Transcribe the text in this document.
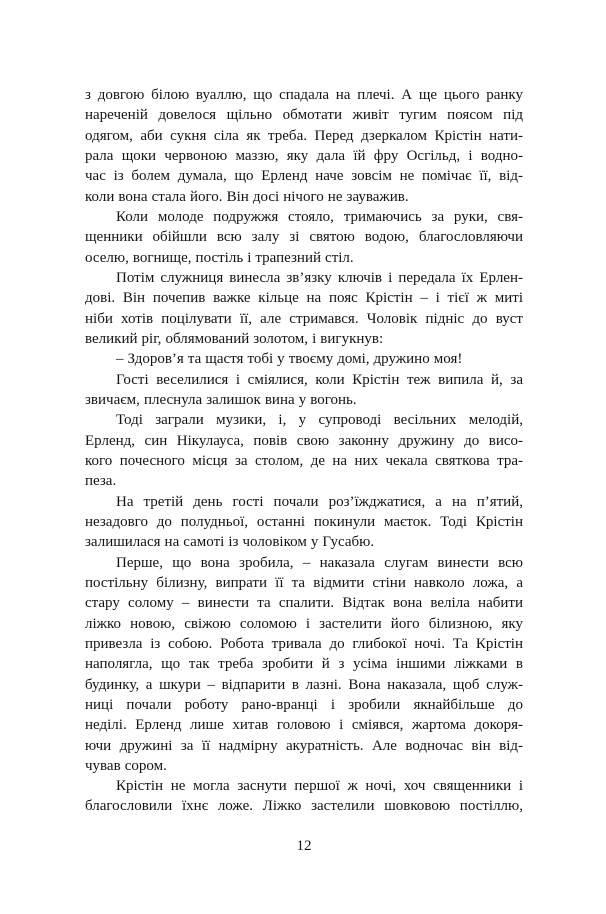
з довгою білою вуаллю, що спадала на плечі. А ще цього ранку
нареченій довелося щільно обмотати живіт тугим поясом під
одягом, аби сукня сіла як треба. Перед дзеркалом Крістін нати-
рала щоки червоною маззю, яку дала їй фру Осгільд, і водно-
час із болем думала, що Ерленд наче зовсім не помічає її, від-
коли вона стала його. Він досі нічого не зауважив.
Коли молоде подружжя стояло, тримаючись за руки, свя-
щенники обійшли всю залу зі святою водою, благословляючи
оселю, вогнище, постіль і трапезний стіл.
Потім служниця винесла зв’язку ключів і передала їх Ерлен-
дові. Він почепив важке кільце на пояс Крістін – і тієї ж миті
ніби хотів поцілувати її, але стримався. Чоловік підніс до вуст
великий ріг, облямований золотом, і вигукнув:
– Здоров’я та щастя тобі у твоєму домі, дружино моя!
Гості веселилися і сміялися, коли Крістін теж випила й, за
звичаєм, плеснула залишок вина у вогонь.
Тоді заграли музики, і, у супроводі весільних мелодій,
Ерленд, син Нікулауса, повів свою законну дружину до висо-
кого почесного місця за столом, де на них чекала святкова тра-
пеза.
На третій день гості почали роз’їжджатися, а на п’ятий,
незадовго до полудньої, останні покинули маєток. Тоді Крістін
залишилася на самоті із чоловіком у Гусабю.
Перше, що вона зробила, – наказала слугам винести всю
постільну білизну, випрати її та відмити стіни навколо ложа, а
стару солому – винести та спалити. Відтак вона веліла набити
ліжко новою, свіжою соломою і застелити його білизною, яку
привезла із собою. Робота тривала до глибокої ночі. Та Крістін
наполягла, що так треба зробити й з усіма іншими ліжками в
будинку, а шкури – відпарити в лазні. Вона наказала, щоб служ-
ниці почали роботу рано-вранці і зробили якнайбільше до
неділі. Ерленд лише хитав головою і сміявся, жартома докоря-
ючи дружині за її надмірну акуратність. Але водночас він від-
чував сором.
Крістін не могла заснути першої ж ночі, хоч священники і
благословили їхнє ложе. Ліжко застелили шовковою постіллю,
12
